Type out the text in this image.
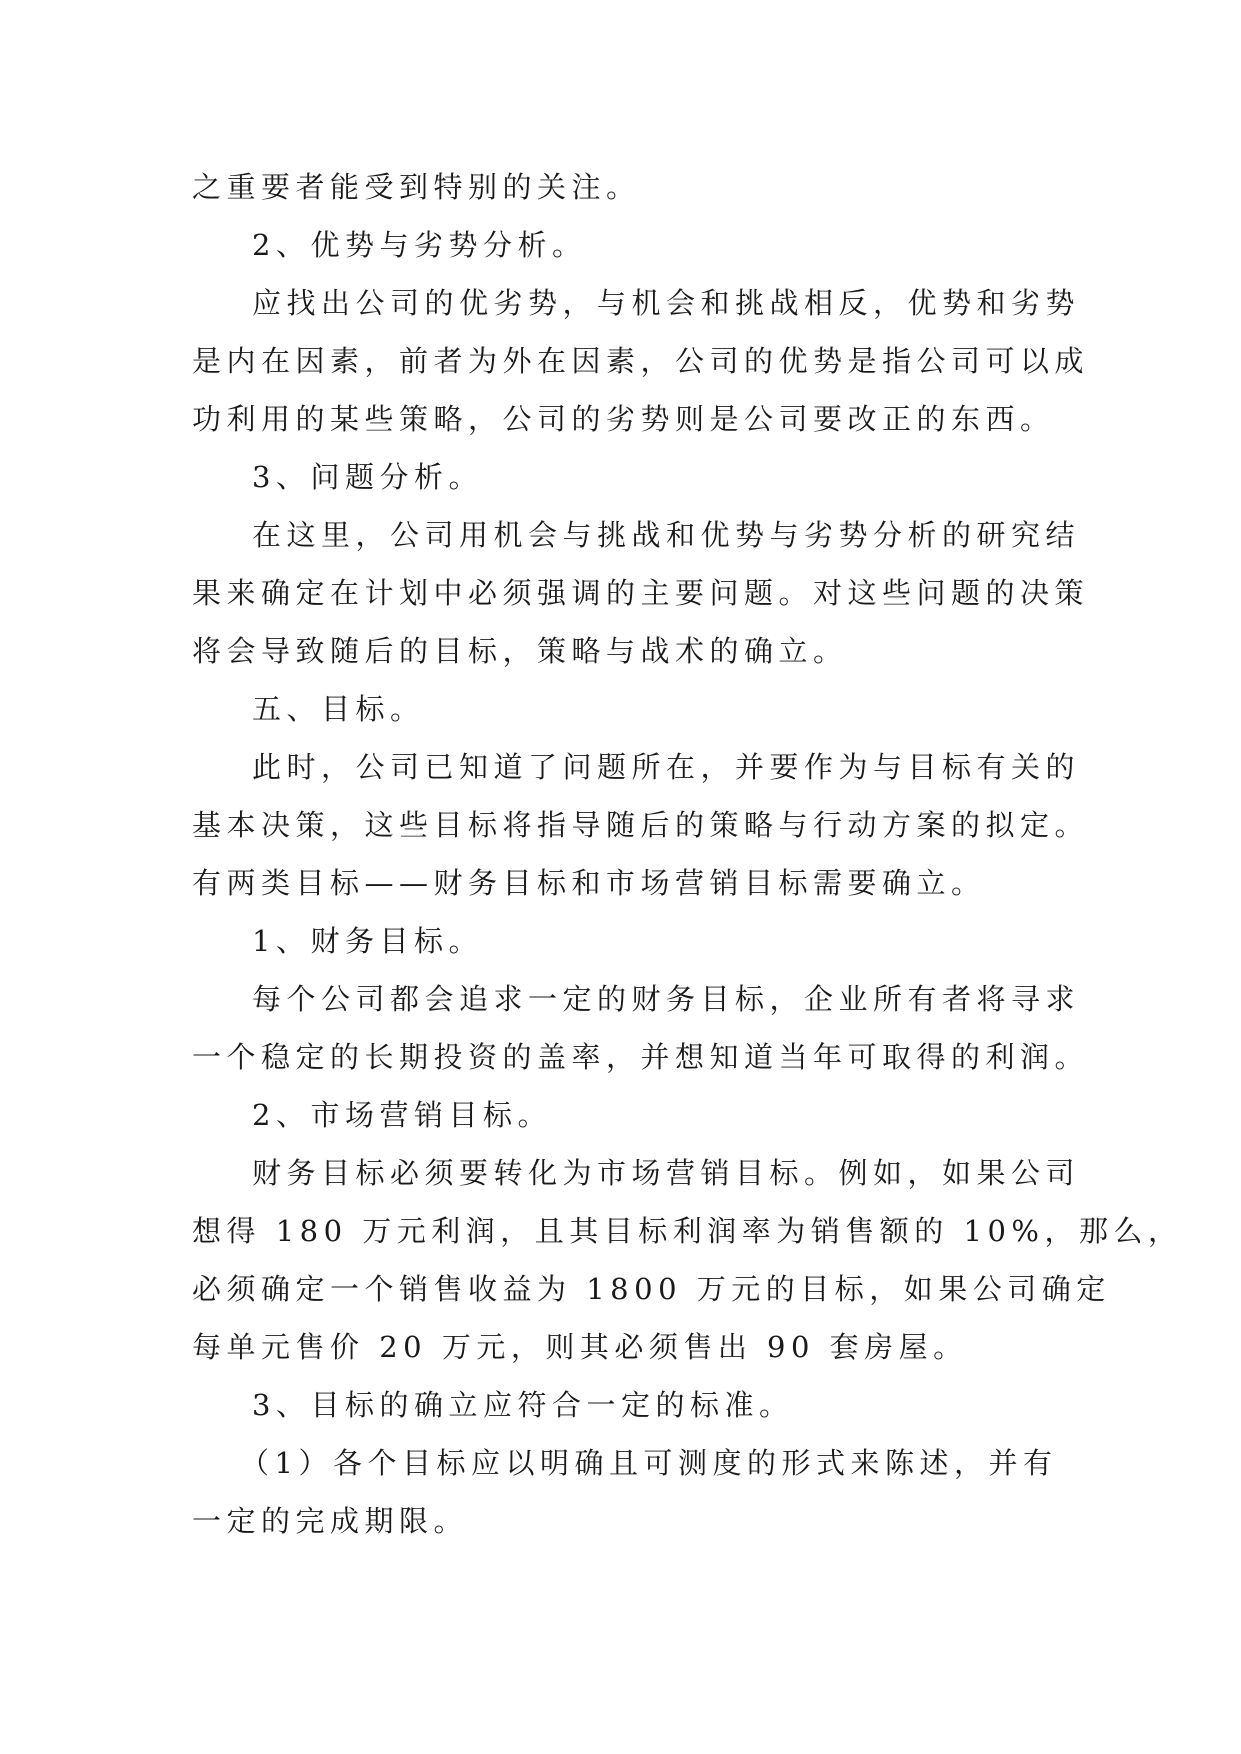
之重要者能受到特别的关注。

2、优势与劣势分析。

应找出公司的优劣势，与机会和挑战相反，优势和劣势

是内在因素，前者为外在因素，公司的优势是指公司可以成

功利用的某些策略，公司的劣势则是公司要改正的东西。

3、问题分析。

在这里，公司用机会与挑战和优势与劣势分析的研究结

果来确定在计划中必须强调的主要问题。对这些问题的决策

将会导致随后的目标，策略与战术的确立。

五、目标。

此时，公司已知道了问题所在，并要作为与目标有关的

基本决策，这些目标将指导随后的策略与行动方案的拟定。

有两类目标——财务目标和市场营销目标需要确立。

1、财务目标。

每个公司都会追求一定的财务目标，企业所有者将寻求

一个稳定的长期投资的盖率，并想知道当年可取得的利润。

2、市场营销目标。

财务目标必须要转化为市场营销目标。例如，如果公司

想得 180 万元利润，且其目标利润率为销售额的 10%，那么，

必须确定一个销售收益为 1800 万元的目标，如果公司确定

每单元售价 20 万元，则其必须售出 90 套房屋。

3、目标的确立应符合一定的标准。

（1）各个目标应以明确且可测度的形式来陈述，并有

一定的完成期限。
